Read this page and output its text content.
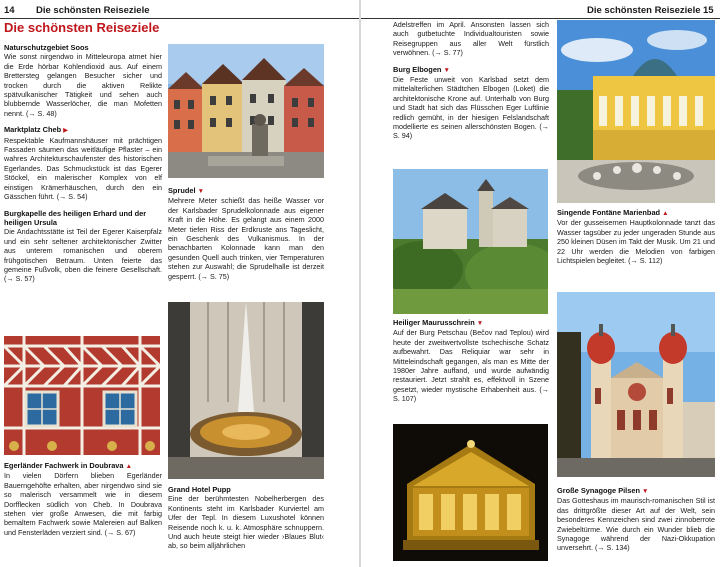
14 Die schönsten Reiseziele
Die schönsten Reiseziele
Naturschutzgebiet Soos

Wie sonst nirgendwo in Mitteleuropa atmet hier die Erde hörbar Kohlendioxid aus. Auf einem Brettersteg gelangen Besucher sicher und trocken durch die aktiven Relikte spätvulkanischer Tätigkeit und sehen auch blubbernde Wasserlöcher, die man Mofetten nennt. (→ S. 48)

Marktplatz Cheb ▶

Respektable Kaufmannshäuser mit prächtigen Fassaden säumen das weitläufige Pflaster – ein wahres Architekturschaufenster des historischen Egerlandes. Das Schmuckstück ist das Egerer Stöckel, ein malerischer Komplex von elf einstigen Krämerhäuschen, durch den ein Gässchen führt. (→ S. 54)

Burgkapelle des heiligen Erhard und der heiligen Ursula

Die Andachtsstätte ist Teil der Egerer Kaiserpfalz und ein sehr seltener architektonischer Zwitter aus unterem romanischen und oberem frühgotischen Betraum. Unten feierte das gemeine Fußvolk, oben die feinere Gesellschaft. (→ S. 57)

Egerländer Fachwerk in Doubrava ▲

In vielen Dörfern blieben Egerländer Bauerngehöfte erhalten, aber nirgendwo sind sie so malerisch versammelt wie in diesem Dorfflecken südlich von Cheb. In Doubrava stehen vier große Anwesen, die mit farbig bemaltem Fachwerk sowie Malereien auf Balken und Fensterläden verziert sind. (→ S. 67)

Sprudel ▼

Mehrere Meter schießt das heiße Wasser vor der Karlsbader Sprudelkolonnade aus eigener Kraft in die Höhe. Es gelangt aus einem 2000 Meter tiefen Riss der Erdkruste ans Tageslicht, ein Geschenk des Vulkanismus. In der benachbarten Kolonnade kann man den gesunden Quell auch trinken, vier Temperaturen stehen zur Auswahl; die Sprudelhalle ist derzeit gesperrt. (→ S. 75)

Grand Hotel Pupp

Eine der berühmtesten Nobelherbergen des Kontinents steht im Karlsbader Kurviertel am Ufer der Tepl. In diesem Luxushotel können Reisende noch k. u. k. Atmosphäre schnuppern. Und auch heute steigt hier wieder ›Blaues Blut‹ ab, so beim alljährlichen

Die schönsten Reiseziele 15

Adelstreffen im April. Ansonsten lassen sich auch gutbetuchte Individualtouristen sowie Reisegruppen aus aller Welt fürstlich verwöhnen. (→ S. 77)

Burg Elbogen ▼

Die Feste unweit von Karlsbad setzt dem mittelalterlichen Städtchen Elbogen (Loket) die architektonische Krone auf. Unterhalb von Burg und Stadt hat sich das Flüsschen Eger Luftlinie redlich gemüht, in der hiesigen Felslandschaft modellierte es seinen allerschönsten Bogen. (→ S. 94)

Heiliger Maurusschrein ▼

Auf der Burg Petschau (Bečov nad Teplou) wird heute der zweitwertvollste tschechische Schatz aufbewahrt. Das Reliquiar war sehr in Mitteleindschaft gegangen, als man es Mitte der 1980er Jahre auffand, und wurde aufwändig restauriert. Jetzt strahlt es, effektvoll in Szene gesetzt, wieder mystische Erhabenheit aus. (→ S. 107)

Singende Fontäne Marienbad ▲

Vor der gusseisernen Hauptkolonnade tanzt das Wasser tagsüber zu jeder ungeraden Stunde aus 250 kleinen Düsen im Takt der Musik. Um 21 und 22 Uhr werden die Melodien von farbigen Lichtspielen begleitet. (→ S. 112)

Große Synagoge Pilsen ▼

Das Gotteshaus im maurisch-romanischen Stil ist das drittgrößte dieser Art auf der Welt, sein besonderes Kennzeichen sind zwei zinnoberrote Zwiebeltürme. Wie durch ein Wunder blieb die Synagoge während der Nazi-Okkupation unversehrt. (→ S. 134)
